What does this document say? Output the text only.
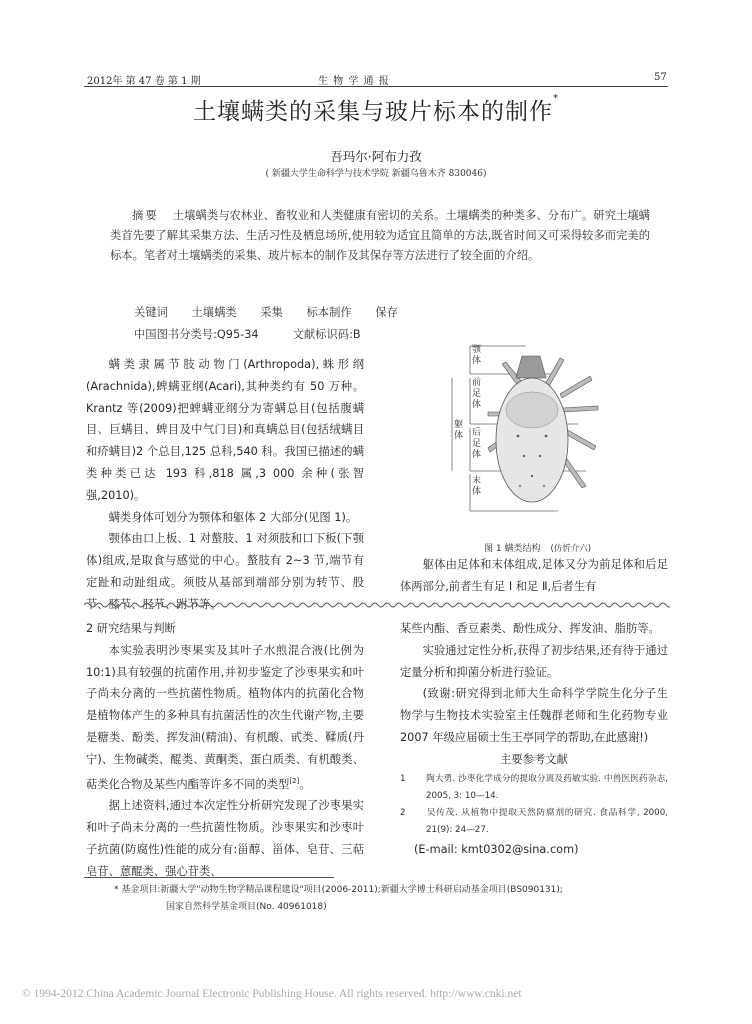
2012年 第 47 卷 第 1 期	生 物 学 通 报	57
土壤螨类的采集与玻片标本的制作*
吾玛尔·阿布力孜
( 新疆大学生命科学与技术学院 新疆乌鲁木齐 830046)
摘要 土壤螨类与农林业、畜牧业和人类健康有密切的关系。土壤螨类的种类多、分布广。研究土壤螨类首先要了解其采集方法、生活习性及栖息场所,使用较为适宜且简单的方法,既省时间又可采得较多而完美的标本。笔者对土壤螨类的采集、玻片标本的制作及其保存等方法进行了较全面的介绍。
关键词 土壤螨类 采集 标本制作 保存
中国图书分类号:Q95-34	文献标识码:B

螨类隶属节肢动物门(Arthropoda),蛛形纲(Arachnida),蜱螨亚纲(Acari),其种类约有 50 万种。Krantz 等(2009)把蜱螨亚纲分为寄螨总目(包括腹螨目、巨螨目、蜱目及中气门目)和真螨总目(包括绒螨目和疥螨目)2 个总目,125 总科,540 科。我国已描述的螨类种类已达 193 科,818 属,3 000 余种(张智强,2010)。

螨类身体可划分为颚体和躯体 2 大部分(见图 1)。

颚体由口上板、1 对螯肢、1 对须肢和口下板(下颚体)组成,是取食与感觉的中心。螯肢有 2~3 节,端节有定趾和动趾组成。须肢从基部到端部分别为转节、股节、膝节、胫节、跗节等。

颚体
前足体
躯体 后足体
末体
图 1 螨类结构 (仿忻介六)

躯体由足体和末体组成,足体又分为前足体和后足体两部分,前者生有足 Ⅰ 和足 Ⅱ,后者生有

2 研究结果与判断

本实验表明沙枣果实及其叶子水煎混合液(比例为 10:1)具有较强的抗菌作用,并初步鉴定了沙枣果实和叶子尚未分离的一些抗菌性物质。植物体内的抗菌化合物是植物体产生的多种具有抗菌活性的次生代谢产物,主要是糖类、酚类、挥发油(精油)、有机酸、甙类、鞣质(丹宁)、生物碱类、醌类、黄酮类、蛋白质类、有机酸类、萜类化合物及某些内酯等许多不同的类型[2]。

据上述资料,通过本次定性分析研究发现了沙枣果实和叶子尚未分离的一些抗菌性物质。沙枣果实和沙枣叶子抗菌(防腐性)性能的成分有:甾醇、甾体、皂苷、三萜皂苷、蒽醌类、强心苷类、

某些内酯、香豆素类、酚性成分、挥发油、脂肪等。

实验通过定性分析,获得了初步结果,还有待于通过定量分析和抑菌分析进行验证。

(致谢:研究得到北师大生命科学学院生化分子生物学与生物技术实验室主任魏群老师和生化药物专业 2007 年级应届硕士生王亭同学的帮助,在此感谢!)

主要参考文献
1 陶大勇. 沙枣化学成分的提取分离及药敏实验. 中兽医医药杂志, 2005, 3: 10—14.
2 吴传茂. 从植物中提取天然防腐剂的研究. 食品科学, 2000, 21(9): 24—27.
(E-mail: kmt0302@sina.com)
* 基金项目:新疆大学"动物生物学精品课程建设"项目(2006-2011);新疆大学博士科研启动基金项目(BS090131);
国家自然科学基金项目(No. 40961018)
© 1994-2012 China Academic Journal Electronic Publishing House. All rights reserved. http://www.cnki.net
